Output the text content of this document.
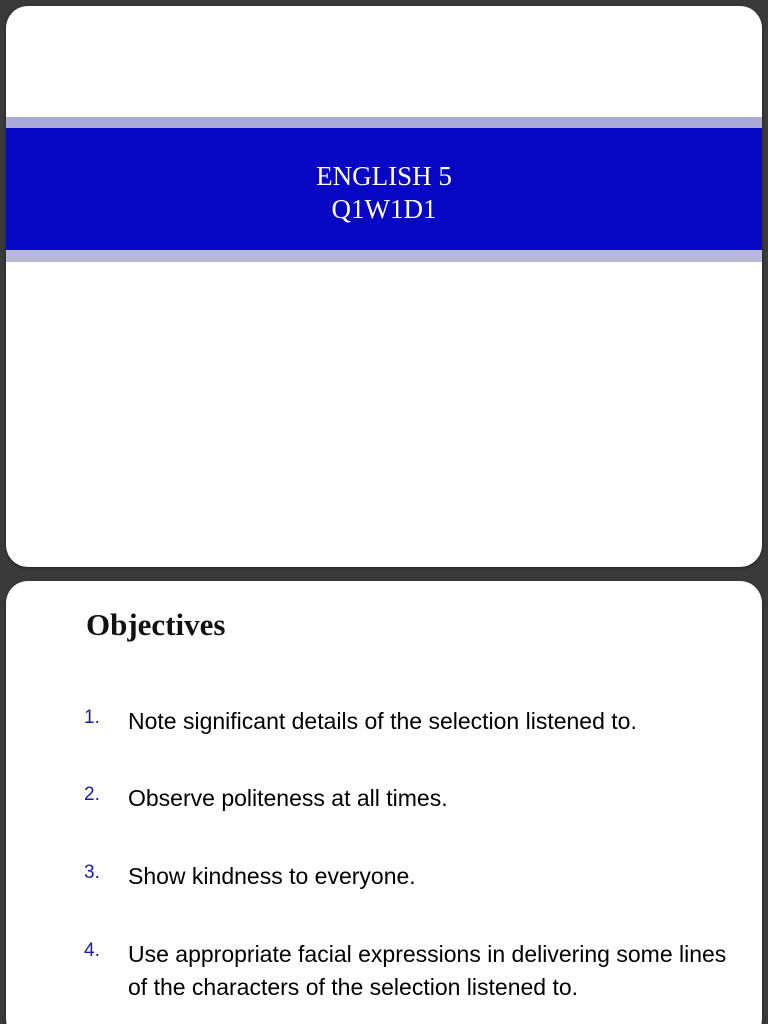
ENGLISH 5
Q1W1D1
Objectives
1. Note significant details of the selection listened to.
2. Observe politeness at all times.
3. Show kindness to everyone.
4. Use appropriate facial expressions in delivering some lines of the characters of the selection listened to.
